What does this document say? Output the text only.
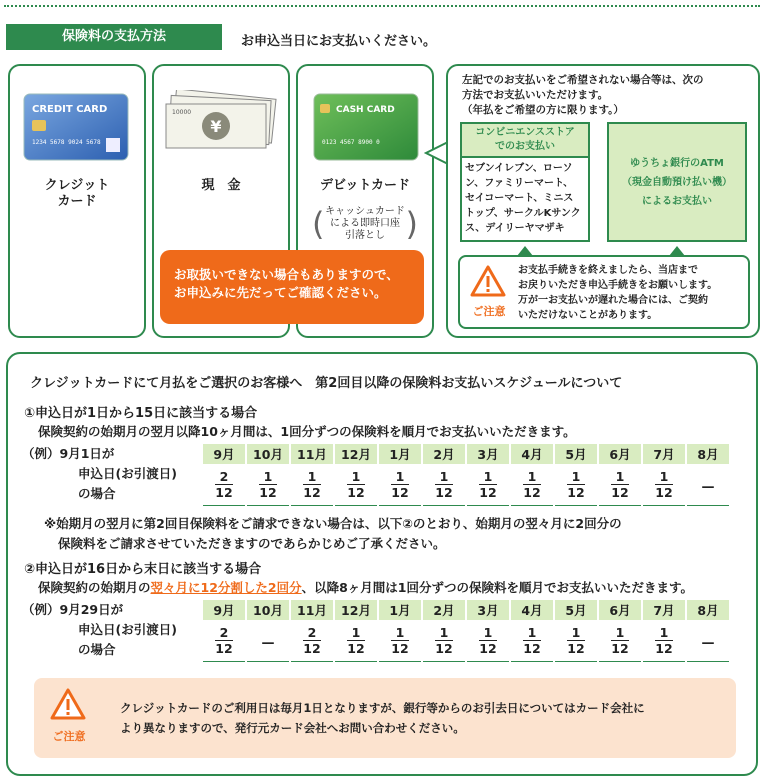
保険料の支払方法	お申込当日にお支払いください。
CREDIT CARD
1234 5678 9024 5678
クレジット
カード
10000
¥
現　金
CASH CARD
0123 4567 8900 0
デビットカード
(	)
キャッシュカード
による即時口座
引落とし
お取扱いできない場合もありますので、
お申込みに先だってご確認ください。
左記でのお支払いをご希望されない場合等は、次の
方法でお支払いいただけます。
（年払をご希望の方に限ります。）
コンビニエンスストア
でのお支払い
セブンイレブン、ローソ
ン、ファミリーマート、
セイコーマート、ミニス
トップ、サークルKサンク
ス、デイリーヤマザキ
ゆうちょ銀行のATM
（現金自動預け払い機）
によるお支払い
ご注意
お支払手続きを終えましたら、当店まで
お戻りいただき申込手続きをお願いします。
万が一お支払いが遅れた場合には、ご契約
いただけないことがあります。
クレジットカードにて月払をご選択のお客様へ　第2回目以降の保険料お支払いスケジュールについて
①申込日が1日から15日に該当する場合
保険契約の始期月の翌月以降10ヶ月間は、1回分ずつの保険料を順月でお支払いいただきます。
（例）9月1日が
申込日(お引渡日)
の場合
9月	10月	11月	12月	1月	2月	3月	4月	5月	6月	7月	8月

$\frac{2}{12}$	$\frac{1}{12}$	$\frac{1}{12}$	$\frac{1}{12}$	$\frac{1}{12}$	$\frac{1}{12}$	$\frac{1}{12}$	$\frac{1}{12}$	$\frac{1}{12}$	$\frac{1}{12}$	$\frac{1}{12}$	—
※始期月の翌月に第2回目保険料をご請求できない場合は、以下②のとおり、始期月の翌々月に2回分の
保険料をご請求させていただきますのであらかじめご了承ください。
②申込日が16日から末日に該当する場合
保険契約の始期月の翌々月に12分割した2回分、以降8ヶ月間は1回分ずつの保険料を順月でお支払いいただきます。
（例）9月29日が
申込日(お引渡日)
の場合
9月	10月	11月	12月	1月	2月	3月	4月	5月	6月	7月	8月

$\frac{2}{12}$	—	$\frac{2}{12}$	$\frac{1}{12}$	$\frac{1}{12}$	$\frac{1}{12}$	$\frac{1}{12}$	$\frac{1}{12}$	$\frac{1}{12}$	$\frac{1}{12}$	$\frac{1}{12}$	—
ご注意
クレジットカードのご利用日は毎月1日となりますが、銀行等からのお引去日についてはカード会社に
より異なりますので、発行元カード会社へお問い合わせください。
